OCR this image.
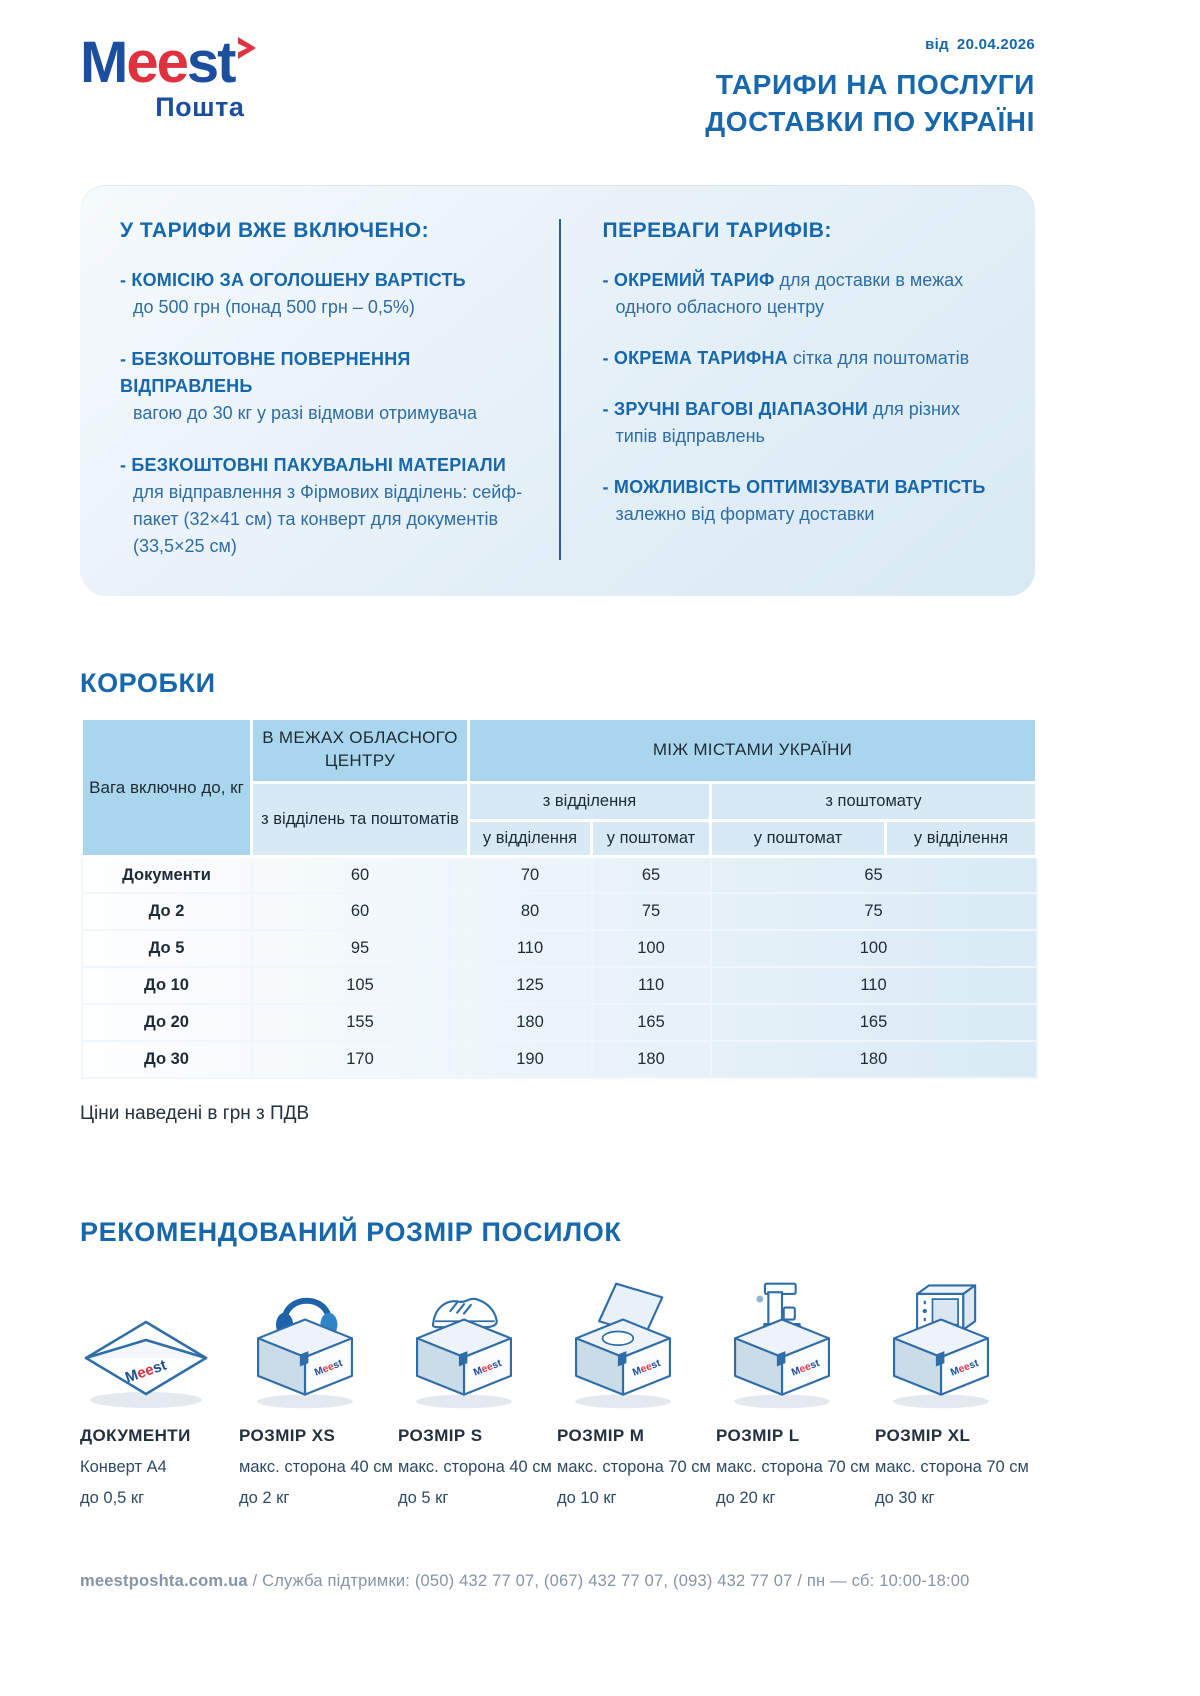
M ee st
Пошта
від 20.04.2026
ТАРИФИ НА ПОСЛУГИ
ДОСТАВКИ ПО УКРАЇНІ
У ТАРИФИ ВЖЕ ВКЛЮЧЕНО:
- КОМІСІЮ ЗА ОГОЛОШЕНУ ВАРТІСТЬ
до 500 грн (понад 500 грн – 0,5%)
- БЕЗКОШТОВНЕ ПОВЕРНЕННЯ ВІДПРАВЛЕНЬ
вагою до 30 кг у разі відмови отримувача
- БЕЗКОШТОВНІ ПАКУВАЛЬНІ МАТЕРІАЛИ
для відправлення з Фірмових відділень: сейф-пакет (32×41 см) та конверт для документів (33,5×25 см)
ПЕРЕВАГИ ТАРИФІВ:
- ОКРЕМИЙ ТАРИФ для доставки в межах одного обласного центру
- ОКРЕМА ТАРИФНА сітка для поштоматів
- ЗРУЧНІ ВАГОВІ ДІАПАЗОНИ для різних типів відправлень
- МОЖЛИВІСТЬ ОПТИМІЗУВАТИ ВАРТІСТЬ залежно від формату доставки
КОРОБКИ
Вага включно до, кг	В МЕЖАХ ОБЛАСНОГО ЦЕНТРУ	МІЖ МІСТАМИ УКРАЇНИ			
	з відділень та поштоматів	з відділення		з поштомату	
		у відділення	у поштомат	у поштомат	у відділення
Документи	60	70	65	65	
До 2	60	80	75	75	
До 5	95	110	100	100	
До 10	105	125	110	110	
До 20	155	180	165	165	
До 30	170	190	180	180	
Ціни наведені в грн з ПДВ
РЕКОМЕНДОВАНИЙ РОЗМІР ПОСИЛОК
Meest
ДОКУМЕНТИ
Конверт А4
до 0,5 кг
Meest
РОЗМІР XS
макс. сторона 40 см
до 2 кг
Meest
РОЗМІР S
макс. сторона 40 см
до 5 кг
Meest
РОЗМІР M
макс. сторона 70 см
до 10 кг
Meest
РОЗМІР L
макс. сторона 70 см
до 20 кг
Meest
РОЗМІР XL
макс. сторона 70 см
до 30 кг
meestposhta.com.ua / Служба підтримки: (050) 432 77 07, (067) 432 77 07, (093) 432 77 07 / пн — сб: 10:00-18:00
